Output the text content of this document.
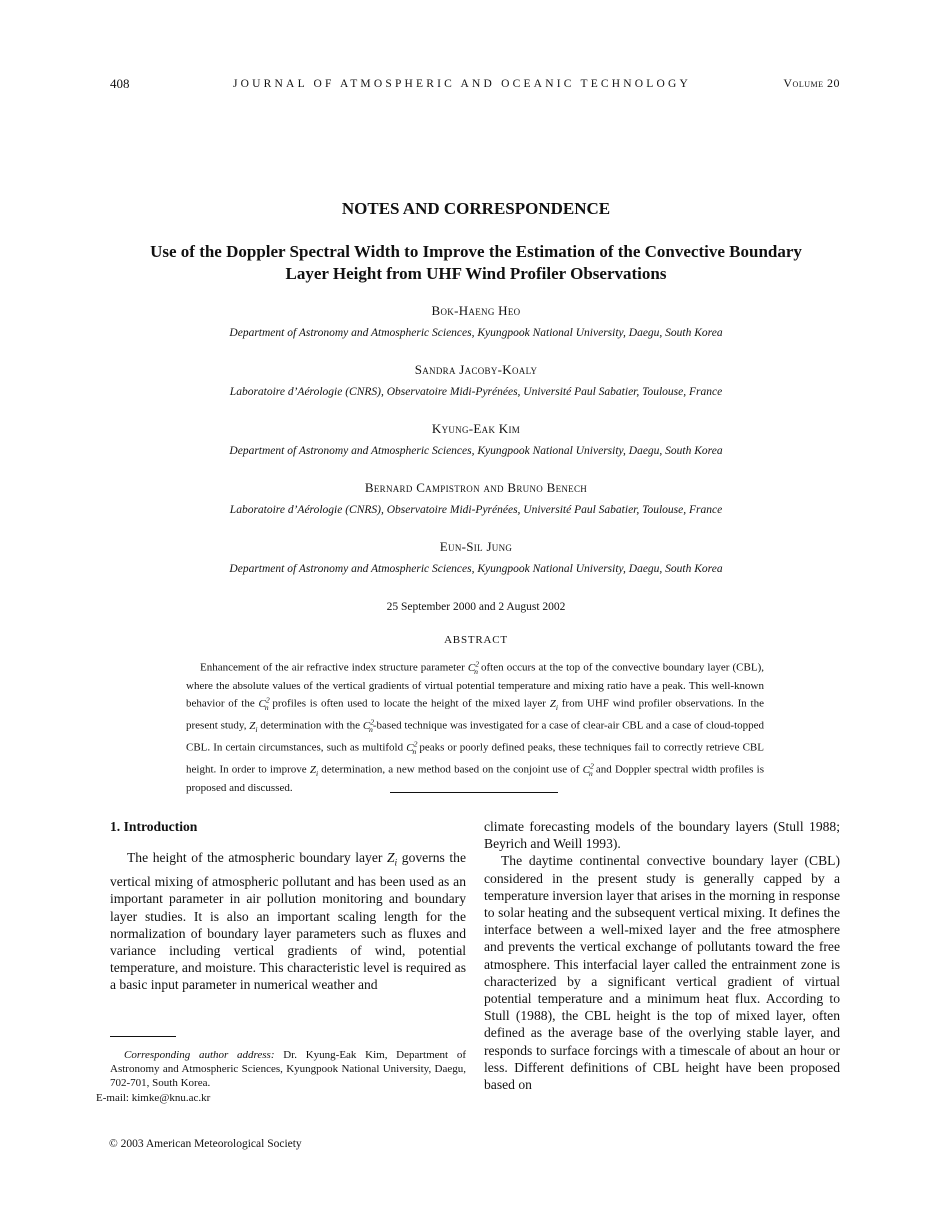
408	JOURNAL OF ATMOSPHERIC AND OCEANIC TECHNOLOGY	Volume 20
NOTES AND CORRESPONDENCE
Use of the Doppler Spectral Width to Improve the Estimation of the Convective Boundary Layer Height from UHF Wind Profiler Observations
Bok-Haeng Heo
Department of Astronomy and Atmospheric Sciences, Kyungpook National University, Daegu, South Korea
Sandra Jacoby-Koaly
Laboratoire d’Aérologie (CNRS), Observatoire Midi-Pyrénées, Université Paul Sabatier, Toulouse, France
Kyung-Eak Kim
Department of Astronomy and Atmospheric Sciences, Kyungpook National University, Daegu, South Korea
Bernard Campistron and Bruno Benech
Laboratoire d’Aérologie (CNRS), Observatoire Midi-Pyrénées, Université Paul Sabatier, Toulouse, France
Eun-Sil Jung
Department of Astronomy and Atmospheric Sciences, Kyungpook National University, Daegu, South Korea
25 September 2000 and 2 August 2002
ABSTRACT
Enhancement of the air refractive index structure parameter $C^2_n$ often occurs at the top of the convective boundary layer (CBL), where the absolute values of the vertical gradients of virtual potential temperature and mixing ratio have a peak. This well-known behavior of the $C^2_n$ profiles is often used to locate the height of the mixed layer $Z_i$ from UHF wind profiler observations. In the present study, $Z_i$ determination with the $C^2_n$-based technique was investigated for a case of clear-air CBL and a case of cloud-topped CBL. In certain circumstances, such as multifold $C^2_n$ peaks or poorly defined peaks, these techniques fail to correctly retrieve CBL height. In order to improve $Z_i$ determination, a new method based on the conjoint use of $C^2_n$ and Doppler spectral width profiles is proposed and discussed.
1. Introduction

The height of the atmospheric boundary layer $Z_i$ governs the vertical mixing of atmospheric pollutant and has been used as an important parameter in air pollution monitoring and boundary layer studies. It is also an important scaling length for the normalization of boundary layer parameters such as fluxes and variance including vertical gradients of wind, potential temperature, and moisture. This characteristic level is required as a basic input parameter in numerical weather and

Corresponding author address: Dr. Kyung-Eak Kim, Department of Astronomy and Atmospheric Sciences, Kyungpook National University, Daegu, 702-701, South Korea.
E-mail: kimke@knu.ac.kr

climate forecasting models of the boundary layers (Stull 1988; Beyrich and Weill 1993).

The daytime continental convective boundary layer (CBL) considered in the present study is generally capped by a temperature inversion layer that arises in the morning in response to solar heating and the subsequent vertical mixing. It defines the interface between a well-mixed layer and the free atmosphere and prevents the vertical exchange of pollutants toward the free atmosphere. This interfacial layer called the entrainment zone is characterized by a significant vertical gradient of virtual potential temperature and a minimum heat flux. According to Stull (1988), the CBL height is the top of mixed layer, often defined as the average base of the overlying stable layer, and responds to surface forcings with a timescale of about an hour or less. Different definitions of CBL height have been proposed based on

© 2003 American Meteorological Society
